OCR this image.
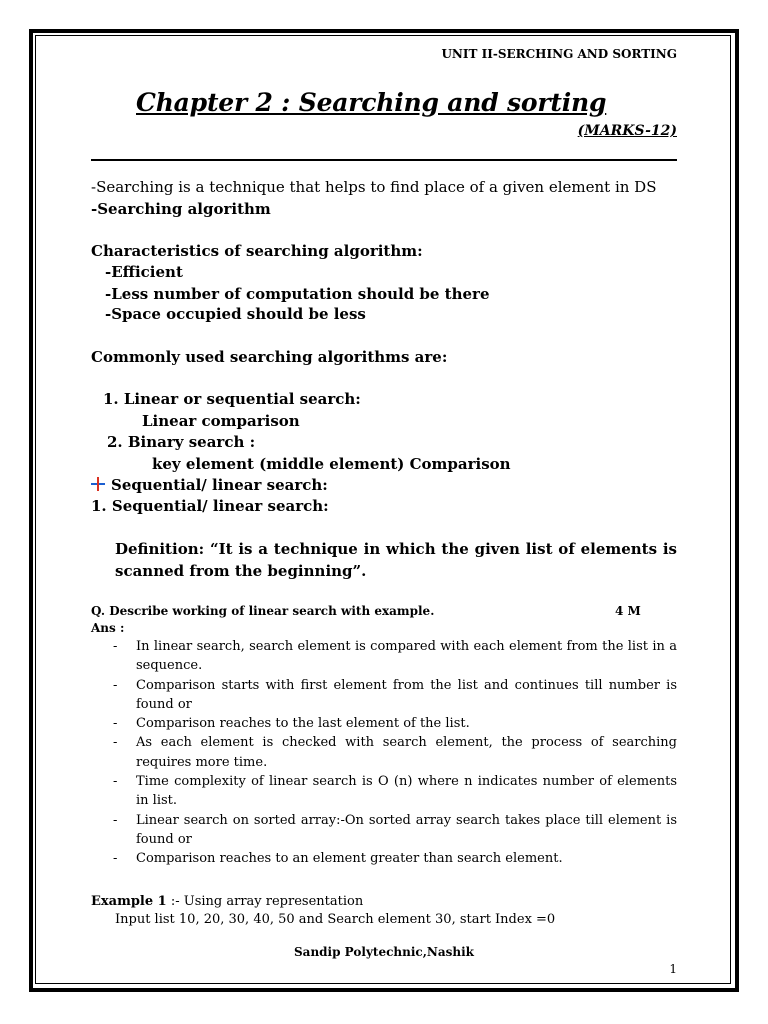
UNIT II-SERCHING AND SORTING
Chapter 2 : Searching and sorting
(MARKS-12)
-Searching is a technique that helps to find place of a given element in DS
-Searching algorithm
Characteristics of searching algorithm:
-Efficient
-Less number of computation should be there
-Space occupied should be less
Commonly used searching algorithms are:
1. Linear or sequential search:
Linear comparison
2. Binary search :
key element (middle element) Comparison
Sequential/ linear search:
1. Sequential/ linear search:
Definition: “It is a technique in which the given list of elements is scanned from the beginning”.
Q. Describe working of linear search with example.	4 M
Ans :
- In linear search, search element is compared with each element from the list in a sequence.
- Comparison starts with first element from the list and continues till number is found or
- Comparison reaches to the last element of the list.
- As each element is checked with search element, the process of searching requires more time.
- Time complexity of linear search is O (n) where n indicates number of elements in list.
- Linear search on sorted array:-On sorted array search takes place till element is found or
- Comparison reaches to an element greater than search element.
Example 1 :- Using array representation
Input list 10, 20, 30, 40, 50 and Search element 30, start Index =0
Sandip Polytechnic,Nashik
1
